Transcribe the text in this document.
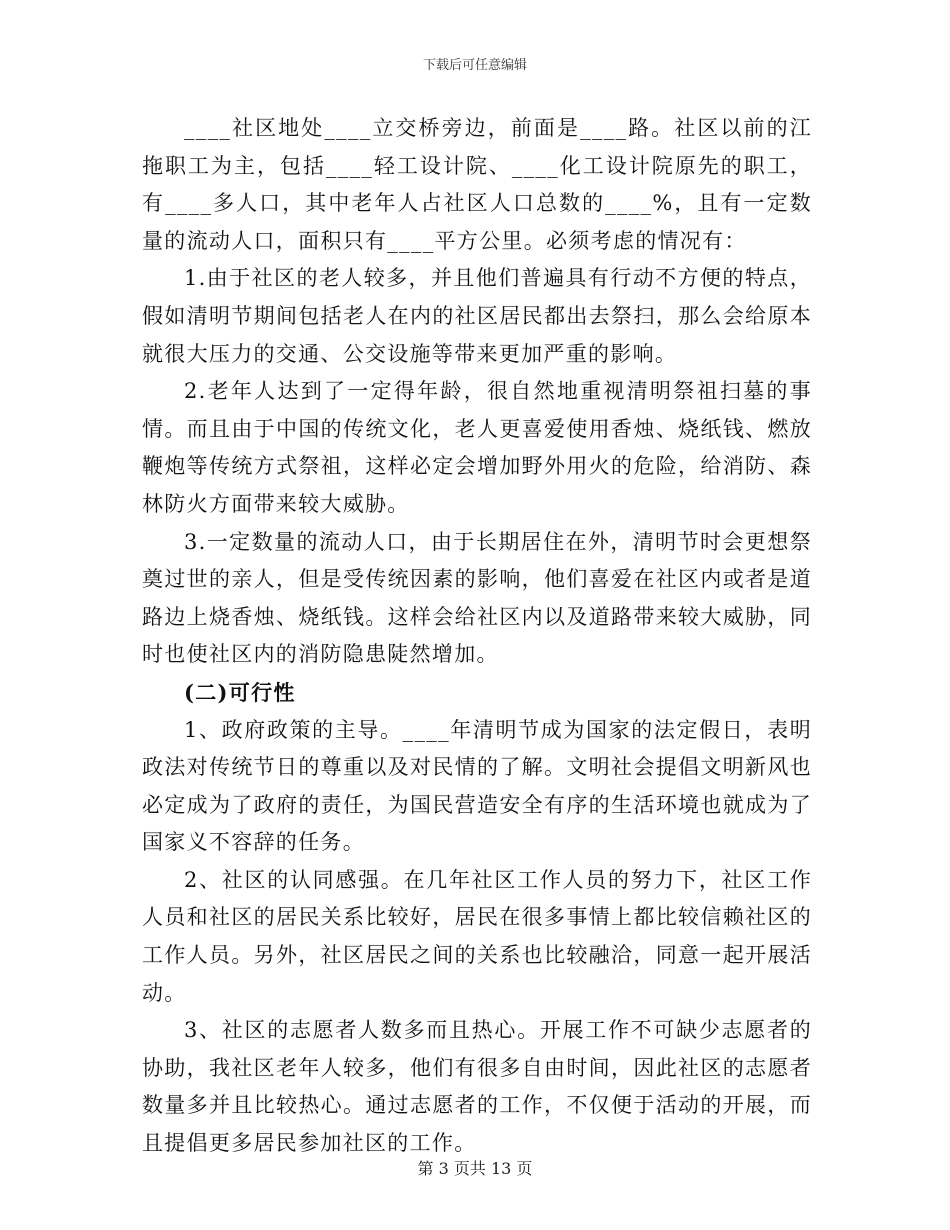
下载后可任意编辑

____社区地处____立交桥旁边，前面是____路。社区以前的江拖职工为主，包括____轻工设计院、____化工设计院原先的职工，有____多人口，其中老年人占社区人口总数的____%，且有一定数量的流动人口，面积只有____平方公里。必须考虑的情况有：

1.由于社区的老人较多，并且他们普遍具有行动不方便的特点，假如清明节期间包括老人在内的社区居民都出去祭扫，那么会给原本就很大压力的交通、公交设施等带来更加严重的影响。

2.老年人达到了一定得年龄，很自然地重视清明祭祖扫墓的事情。而且由于中国的传统文化，老人更喜爱使用香烛、烧纸钱、燃放鞭炮等传统方式祭祖，这样必定会增加野外用火的危险，给消防、森林防火方面带来较大威胁。

3.一定数量的流动人口，由于长期居住在外，清明节时会更想祭奠过世的亲人，但是受传统因素的影响，他们喜爱在社区内或者是道路边上烧香烛、烧纸钱。这样会给社区内以及道路带来较大威胁，同时也使社区内的消防隐患陡然增加。

(二)可行性

1、政府政策的主导。____年清明节成为国家的法定假日，表明政法对传统节日的尊重以及对民情的了解。文明社会提倡文明新风也必定成为了政府的责任，为国民营造安全有序的生活环境也就成为了国家义不容辞的任务。

2、社区的认同感强。在几年社区工作人员的努力下，社区工作人员和社区的居民关系比较好，居民在很多事情上都比较信赖社区的工作人员。另外，社区居民之间的关系也比较融洽，同意一起开展活动。

3、社区的志愿者人数多而且热心。开展工作不可缺少志愿者的协助，我社区老年人较多，他们有很多自由时间，因此社区的志愿者数量多并且比较热心。通过志愿者的工作，不仅便于活动的开展，而且提倡更多居民参加社区的工作。

第 3 页共 13 页
